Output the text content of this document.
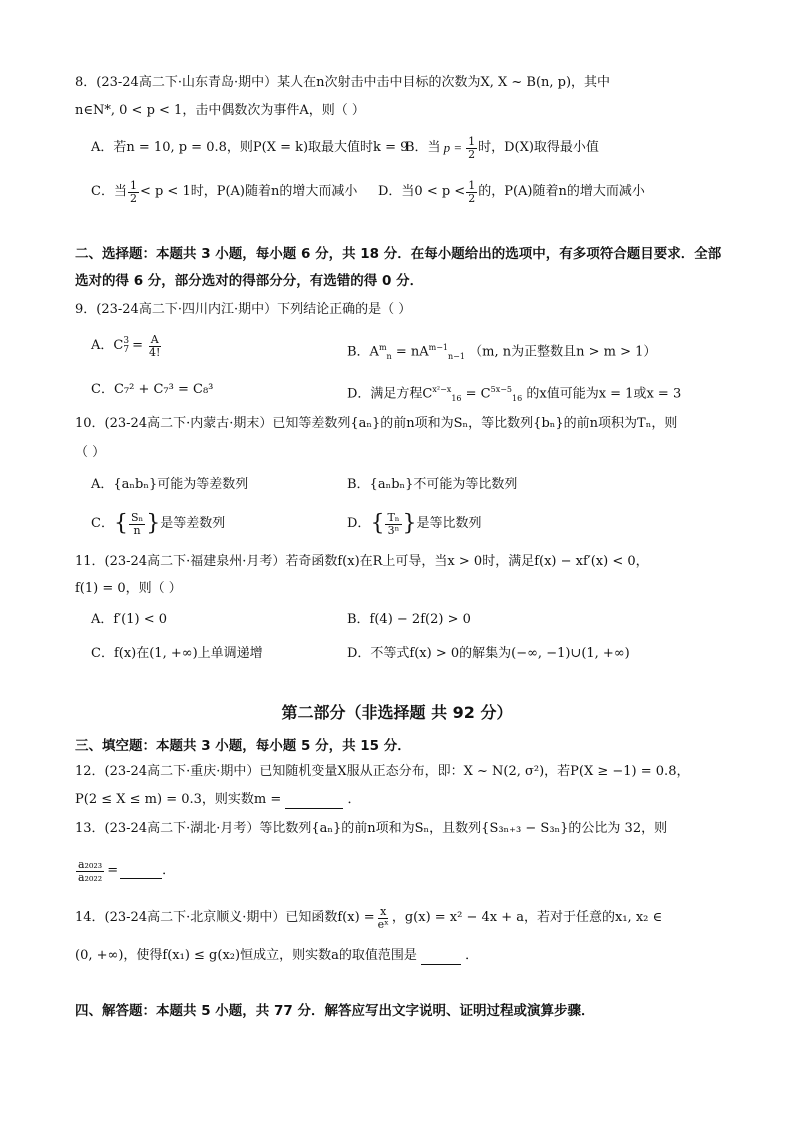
8．(23-24高二下·山东青岛·期中）某人在n次射击中击中目标的次数为X, X ~ B(n, p)，其中
n∈N*, 0 < p < 1，击中偶数次为事件A，则（ ）
A．若n = 10, p = 0.8，则P(X = k)取最大值时k = 9
B．当 $p = \frac{1}{2}$ 时，D(X)取得最小值
C．当 $\frac{1}{2} < p < 1$时，P(A)随着n的增大而减小 D．当$0 < p < \frac{1}{2}$ 的，P(A)随着n的增大而减小
二、选择题：本题共 3 小题，每小题 6 分，共 18 分．在每小题给出的选项中，有多项符合题目要求．全部
选对的得 6 分，部分选对的得部分分，有选错的得 0 分．
9．(23-24高二下·四川内江·期中）下列结论正确的是（ ）
A．C 3
$7 = \frac{A}{4!}$	B．$A^m_n = nA^{m-1}_{n-1}$ （m, n为正整数且n > m > 1）
C．C₇² + C₇³ = C₈³	D．满足方程$C^{x^2-x}_{16} = C^{5x-5}_{16}$ 的x值可能为x = 1或x = 3
10．(23-24高二下·内蒙古·期末）已知等差数列{aₙ}的前n项和为Sₙ，等比数列{bₙ}的前n项积为Tₙ，则
（ ）
A．{aₙbₙ}可能为等差数列	B．{aₙbₙ}不可能为等比数列
C． { $\frac{\text{Sₙ}}{n}$ } 是等差数列	D． { $\frac{\text{Tₙ}}{\text{3ⁿ}}$ } 是等比数列
11．(23-24高二下·福建泉州·月考）若奇函数f(x)在R上可导，当x > 0时，满足f(x) − xf′(x) < 0，
f(1) = 0，则（ ）
A．f′(1) < 0	B．f(4) − 2f(2) > 0
C．f(x)在(1, +∞)上单调递增	D．不等式f(x) > 0的解集为(−∞, −1)∪(1, +∞)
第二部分（非选择题 共 92 分）
三、填空题：本题共 3 小题，每小题 5 分，共 15 分．
12．(23-24高二下·重庆·期中）已知随机变量X服从正态分布，即：X ~ N(2, σ²)，若P(X ≥ −1) = 0.8，
P(2 ≤ X ≤ m) = 0.3，则实数m =	．
13．(23-24高二下·湖北·月考）等比数列{aₙ}的前n项和为Sₙ，且数列{S₃ₙ₊₃ − S₃ₙ}的公比为 32，则
$\frac{\text{a₂₀₂₃}}{\text{a₂₀₂₂}}$ =	．
14．(23-24高二下·北京顺义·期中）已知函数$f(x) = \frac{x}{\text{eˣ}}$ ，g(x) = x² − 4x + a，若对于任意的x₁, x₂ ∈
(0, +∞)，使得f(x₁) ≤ g(x₂)恒成立，则实数a的取值范围是	．
四、解答题：本题共 5 小题，共 77 分．解答应写出文字说明、证明过程或演算步骤．
